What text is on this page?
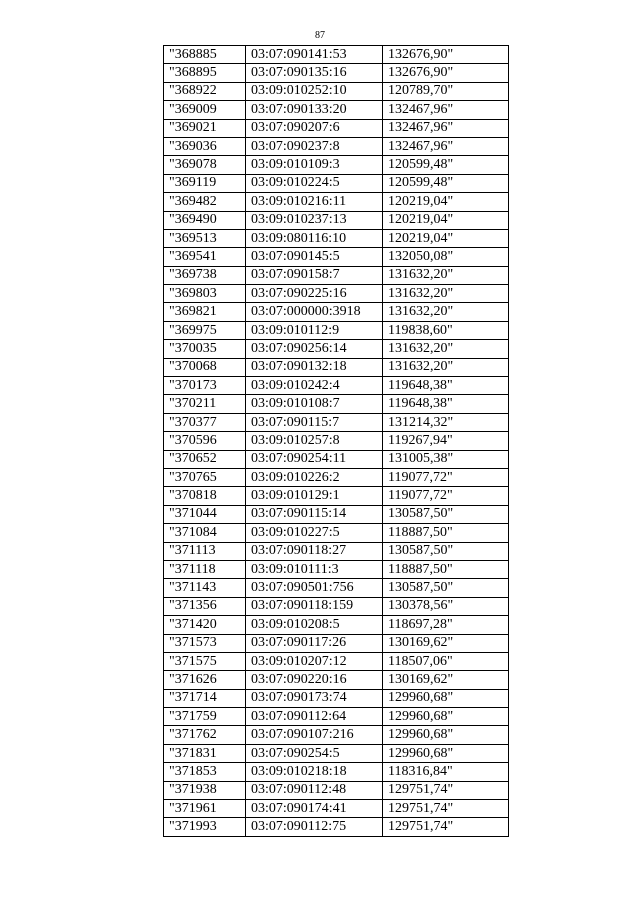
87
"368885	03:07:090141:53	132676,90"
"368895	03:07:090135:16	132676,90"
"368922	03:09:010252:10	120789,70"
"369009	03:07:090133:20	132467,96"
"369021	03:07:090207:6	132467,96"
"369036	03:07:090237:8	132467,96"
"369078	03:09:010109:3	120599,48"
"369119	03:09:010224:5	120599,48"
"369482	03:09:010216:11	120219,04"
"369490	03:09:010237:13	120219,04"
"369513	03:09:080116:10	120219,04"
"369541	03:07:090145:5	132050,08"
"369738	03:07:090158:7	131632,20"
"369803	03:07:090225:16	131632,20"
"369821	03:07:000000:3918	131632,20"
"369975	03:09:010112:9	119838,60"
"370035	03:07:090256:14	131632,20"
"370068	03:07:090132:18	131632,20"
"370173	03:09:010242:4	119648,38"
"370211	03:09:010108:7	119648,38"
"370377	03:07:090115:7	131214,32"
"370596	03:09:010257:8	119267,94"
"370652	03:07:090254:11	131005,38"
"370765	03:09:010226:2	119077,72"
"370818	03:09:010129:1	119077,72"
"371044	03:07:090115:14	130587,50"
"371084	03:09:010227:5	118887,50"
"371113	03:07:090118:27	130587,50"
"371118	03:09:010111:3	118887,50"
"371143	03:07:090501:756	130587,50"
"371356	03:07:090118:159	130378,56"
"371420	03:09:010208:5	118697,28"
"371573	03:07:090117:26	130169,62"
"371575	03:09:010207:12	118507,06"
"371626	03:07:090220:16	130169,62"
"371714	03:07:090173:74	129960,68"
"371759	03:07:090112:64	129960,68"
"371762	03:07:090107:216	129960,68"
"371831	03:07:090254:5	129960,68"
"371853	03:09:010218:18	118316,84"
"371938	03:07:090112:48	129751,74"
"371961	03:07:090174:41	129751,74"
"371993	03:07:090112:75	129751,74"
